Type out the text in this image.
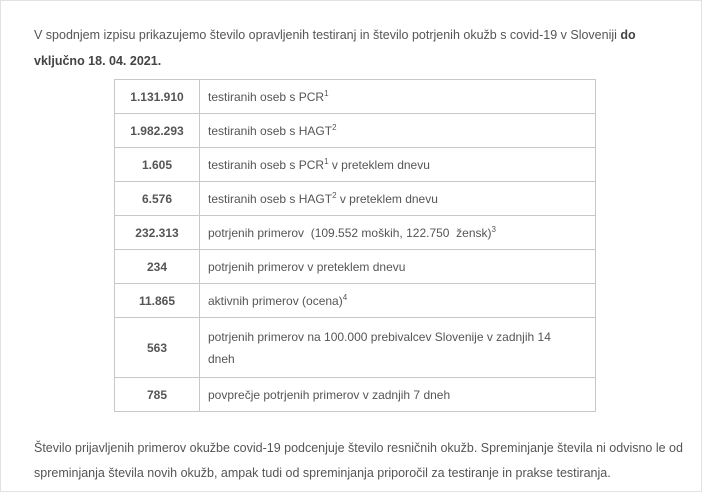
V spodnjem izpisu prikazujemo število opravljenih testiranj in število potrjenih okužb s covid-19 v Sloveniji do vključno 18. 04. 2021.

1.131.910	testiranih oseb s PCR$^1$
1.982.293	testiranih oseb s HAGT$^2$
1.605	testiranih oseb s PCR$^1$ v preteklem dnevu
6.576	testiranih oseb s HAGT$^2$ v preteklem dnevu
232.313	potrjenih primerov  (109.552 moških, 122.750  žensk)$^3$
234	potrjenih primerov v preteklem dnevu
11.865	aktivnih primerov (ocena)$^4$
563	potrjenih primerov na 100.000 prebivalcev Slovenije v zadnjih 14 dneh
785	povprečje potrjenih primerov v zadnjih 7 dneh

Število prijavljenih primerov okužbe covid-19 podcenjuje število resničnih okužb. Spreminjanje števila ni odvisno le od spreminjanja števila novih okužb, ampak tudi od spreminjanja priporočil za testiranje in prakse testiranja.
